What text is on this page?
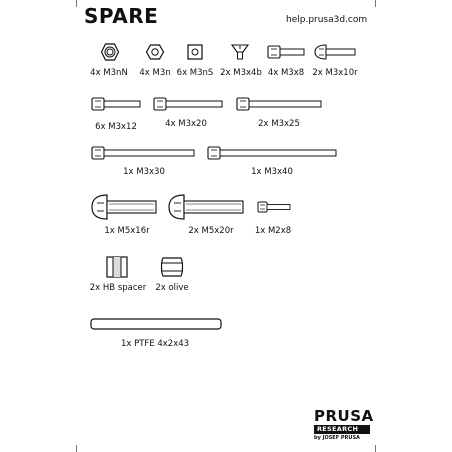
SPARE	help.prusa3d.com
4x M3nN	4x M3n 6x M3nS 2x M3x4b 4x M3x8 2x M3x10r
6x M3x12	4x M3x20	2x M3x25
1x M3x30	1x M3x40
1x M5x16r	2x M5x20r	1x M2x8
2x HB spacer	2x olive
1x PTFE 4x2x43
PRUSA
RESEARCH
by JOSEF PRUSA
